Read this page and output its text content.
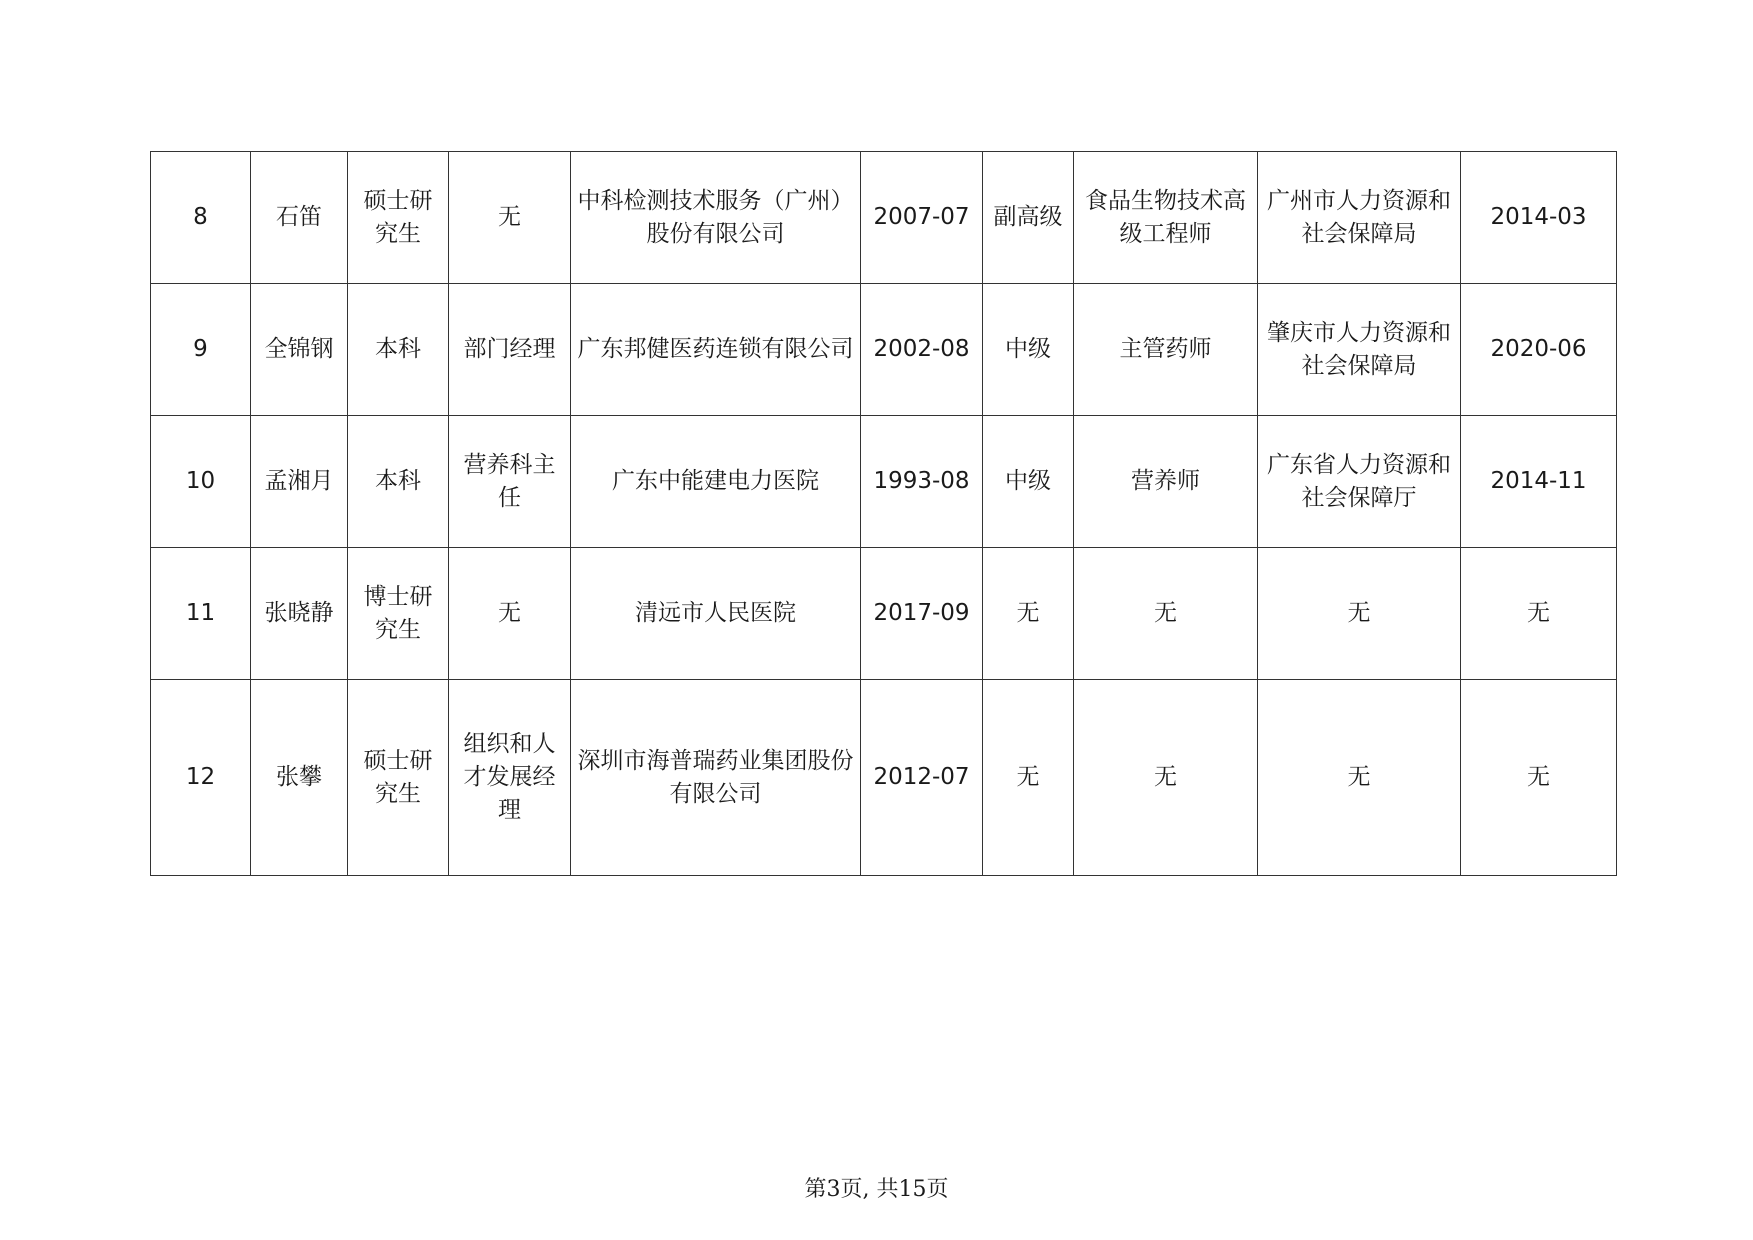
8	石笛	硕士研究生	无	中科检测技术服务（广州）股份有限公司	2007-07	副高级	食品生物技术高级工程师	广州市人力资源和社会保障局	2014-03
9	全锦钢	本科	部门经理	广东邦健医药连锁有限公司	2002-08	中级	主管药师	肇庆市人力资源和社会保障局	2020-06
10	孟湘月	本科	营养科主任	广东中能建电力医院	1993-08	中级	营养师	广东省人力资源和社会保障厅	2014-11
11	张晓静	博士研究生	无	清远市人民医院	2017-09	无	无	无	无
12	张攀	硕士研究生	组织和人才发展经理	深圳市海普瑞药业集团股份有限公司	2012-07	无	无	无	无
第3页, 共15页
